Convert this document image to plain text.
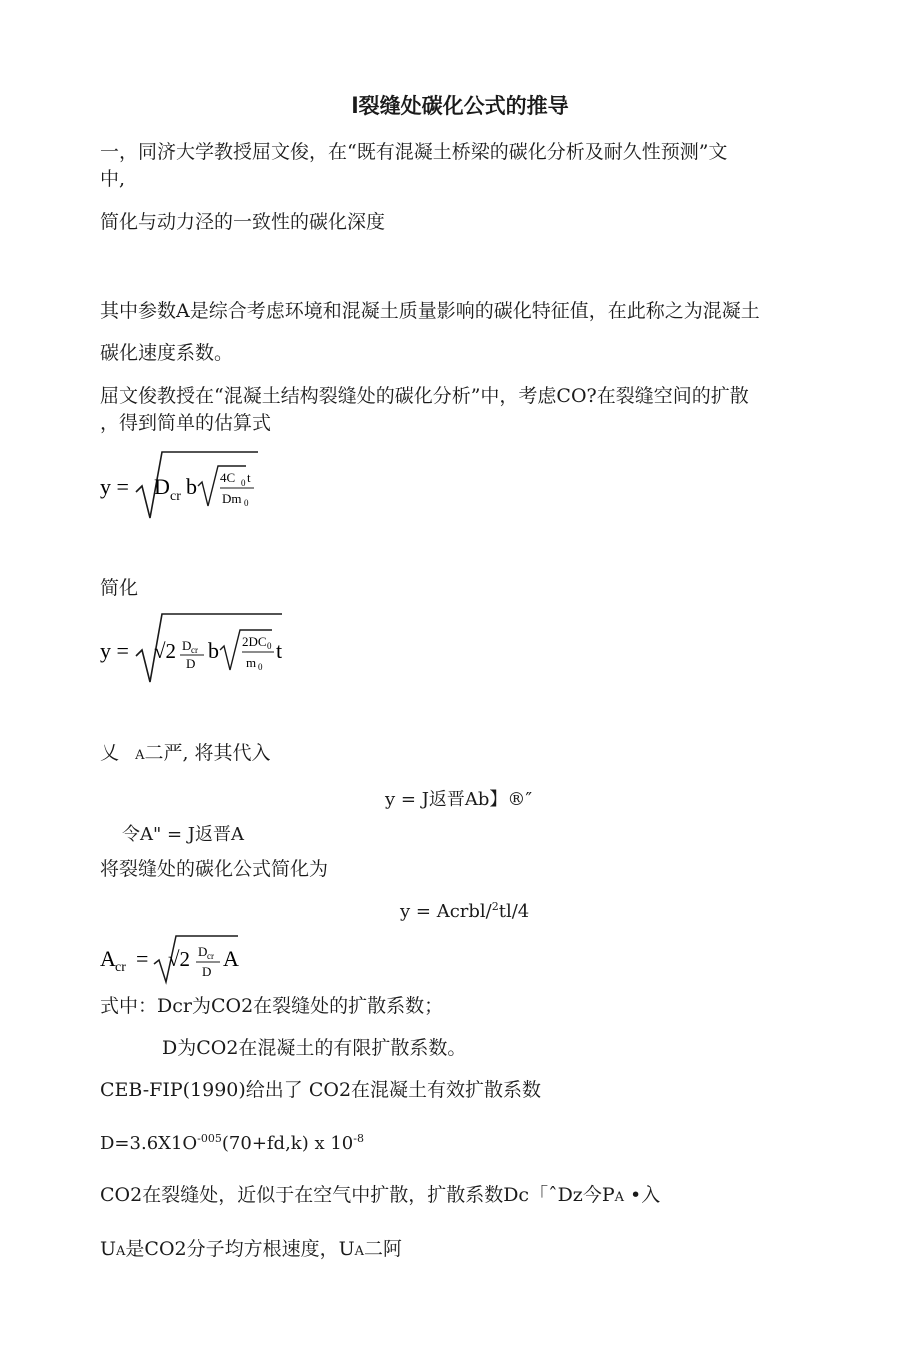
l裂缝处碳化公式的推导
一，同济大学教授屈文俊，在“既有混凝土桥梁的碳化分析及耐久性预测”文
中,
简化与动力泾的一致性的碳化深度
其中参数A是综合考虑环境和混凝土质量影响的碳化特征值，在此称之为混凝土
碳化速度系数。
屈文俊教授在“混凝土结构裂缝处的碳化分析”中，考虑CO?在裂缝空间的扩散
，得到简单的估算式
y = D cr b 4C 0 t
Dm 0
简化
y = √2 D cr
D
b 2DC 0
m 0
t
乂 A二严, 将其代入
y = J返晋Ab】®″
令A" = J返晋A
将裂缝处的碳化公式简化为
y = Acrbl/$^2$tl/4
A cr = √2 D cr
D
A
式中：Dcr为CO2在裂缝处的扩散系数；
D为CO2在混凝土的有限扩散系数。
CEB-FIP(1990)给出了 CO2在混凝土有效扩散系数
$D=3.6X1O^{-005}(70+fd,k)$ x $10^{-8}$
CO2在裂缝处，近似于在空气中扩散，扩散系数Dc「ˆDz今PA •入
UA是CO2分子均方根速度，UA二阿
